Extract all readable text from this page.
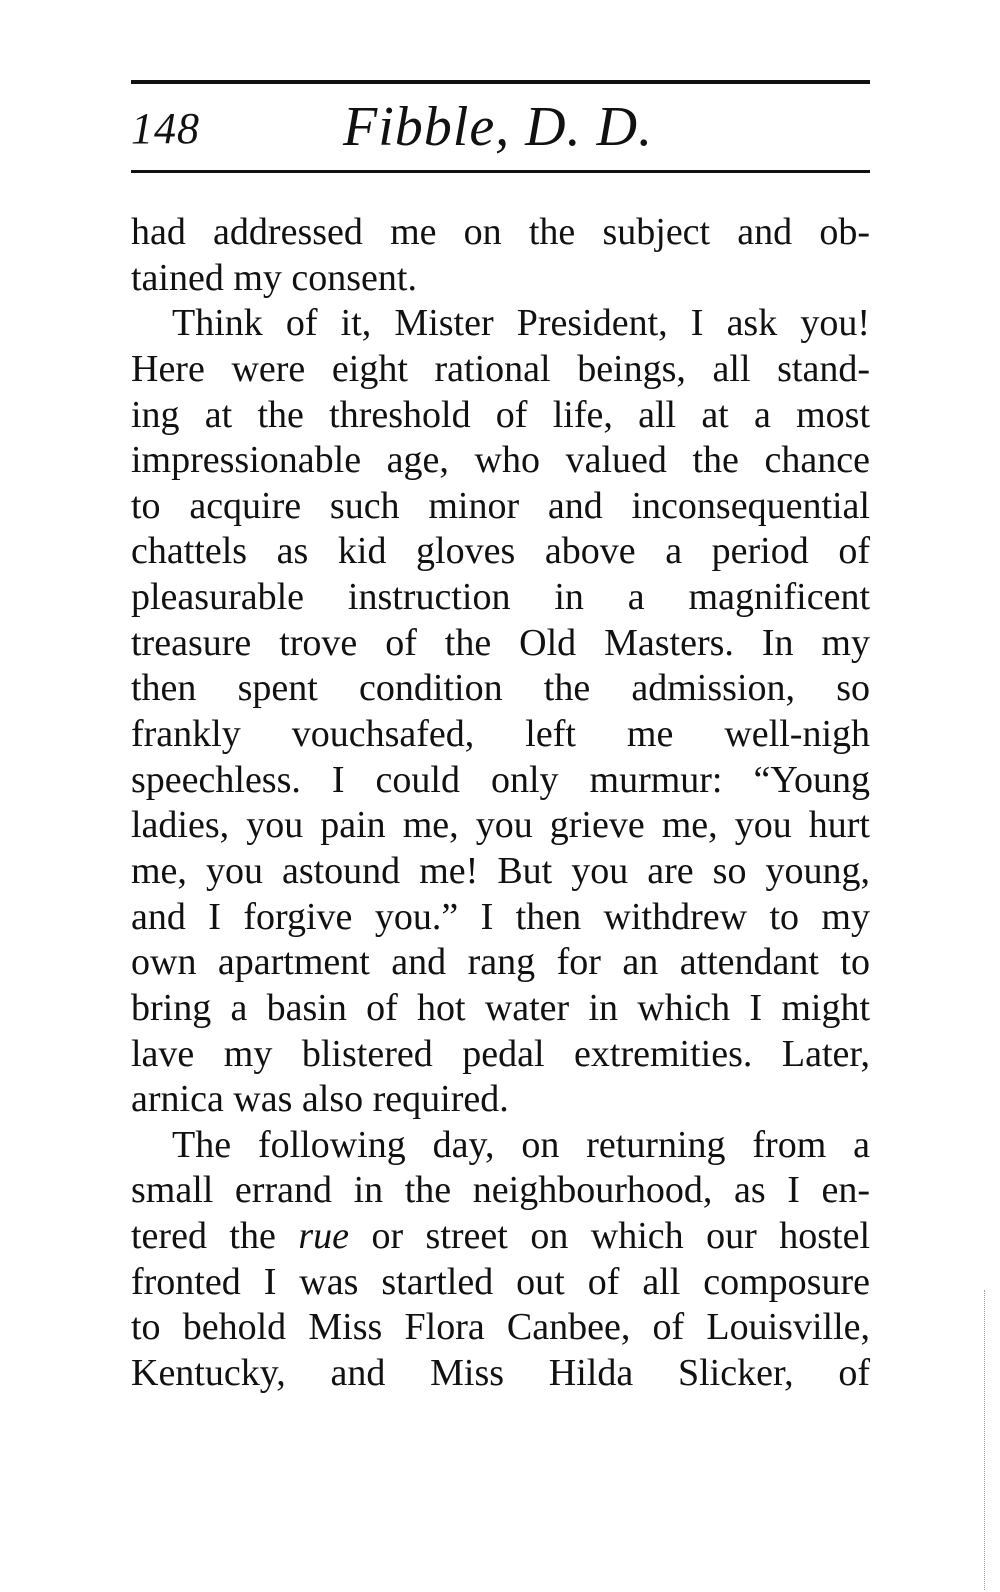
148	Fibble, D. D.
had addressed me on the subject and ob-
tained my consent.
Think of it, Mister President, I ask you!
Here were eight rational beings, all stand-
ing at the threshold of life, all at a most
impressionable age, who valued the chance
to acquire such minor and inconsequential
chattels as kid gloves above a period of
pleasurable instruction in a magnificent
treasure trove of the Old Masters. In my
then spent condition the admission, so
frankly vouchsafed, left me well-nigh
speechless. I could only murmur: “Young
ladies, you pain me, you grieve me, you hurt
me, you astound me! But you are so young,
and I forgive you.” I then withdrew to my
own apartment and rang for an attendant to
bring a basin of hot water in which I might
lave my blistered pedal extremities. Later,
arnica was also required.
The following day, on returning from a
small errand in the neighbourhood, as I en-
tered the rue or street on which our hostel
fronted I was startled out of all composure
to behold Miss Flora Canbee, of Louisville,
Kentucky, and Miss Hilda Slicker, of
